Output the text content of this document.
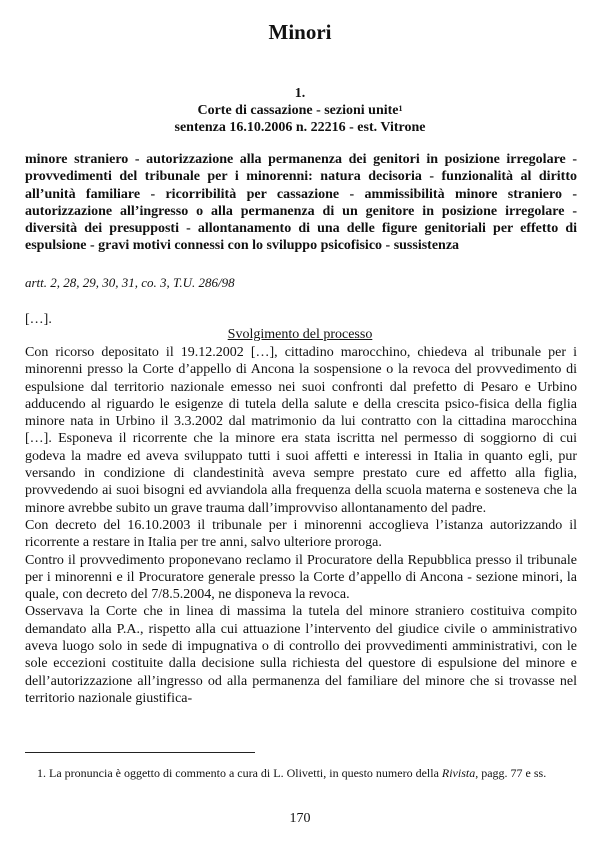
Minori
1.
Corte di cassazione - sezioni unite$^1$
sentenza 16.10.2006 n. 22216 - est. Vitrone

minore straniero - autorizzazione alla permanenza dei genitori in posizione irregolare - provvedimenti del tribunale per i minorenni: natura decisoria - funzionalità al diritto all’unità familiare - ricorribilità per cassazione - ammissibilità minore straniero - autorizzazione all’ingresso o alla permanenza di un genitore in posizione irregolare - diversità dei presupposti - allontanamento di una delle figure genitoriali per effetto di espulsione - gravi motivi connessi con lo sviluppo psicofisico - sussistenza

artt. 2, 28, 29, 30, 31, co. 3, T.U. 286/98
[…].
Svolgimento del processo

Con ricorso depositato il 19.12.2002 […], cittadino marocchino, chiedeva al tribunale per i minorenni presso la Corte d’appello di Ancona la sospensione o la revoca del provvedimento di espulsione dal territorio nazionale emesso nei suoi confronti dal prefetto di Pesaro e Urbino adducendo al riguardo le esigenze di tutela della salute e della crescita psico-fisica della figlia minore nata in Urbino il 3.3.2002 dal matrimonio da lui contratto con la cittadina marocchina […]. Esponeva il ricorrente che la minore era stata iscritta nel permesso di soggiorno di cui godeva la madre ed aveva sviluppato tutti i suoi affetti e interessi in Italia in quanto egli, pur versando in condizione di clandestinità aveva sempre prestato cure ed affetto alla figlia, provvedendo ai suoi bisogni ed avviandola alla frequenza della scuola materna e sosteneva che la minore avrebbe subito un grave trauma dall’improvviso allontanamento del padre.

Con decreto del 16.10.2003 il tribunale per i minorenni accoglieva l’istanza autorizzando il ricorrente a restare in Italia per tre anni, salvo ulteriore proroga.

Contro il provvedimento proponevano reclamo il Procuratore della Repubblica presso il tribunale per i minorenni e il Procuratore generale presso la Corte d’appello di Ancona - sezione minori, la quale, con decreto del 7/8.5.2004, ne disponeva la revoca.

Osservava la Corte che in linea di massima la tutela del minore straniero costituiva compito demandato alla P.A., rispetto alla cui attuazione l’intervento del giudice civile o amministrativo aveva luogo solo in sede di impugnativa o di controllo dei provvedimenti amministrativi, con le sole eccezioni costituite dalla decisione sulla richiesta del questore di espulsione del minore e dell’autorizzazione all’ingresso od alla permanenza del familiare del minore che si trovasse nel territorio nazionale giustifica-

1. La pronuncia è oggetto di commento a cura di L. Olivetti, in questo numero della Rivista, pagg. 77 e ss.
170
